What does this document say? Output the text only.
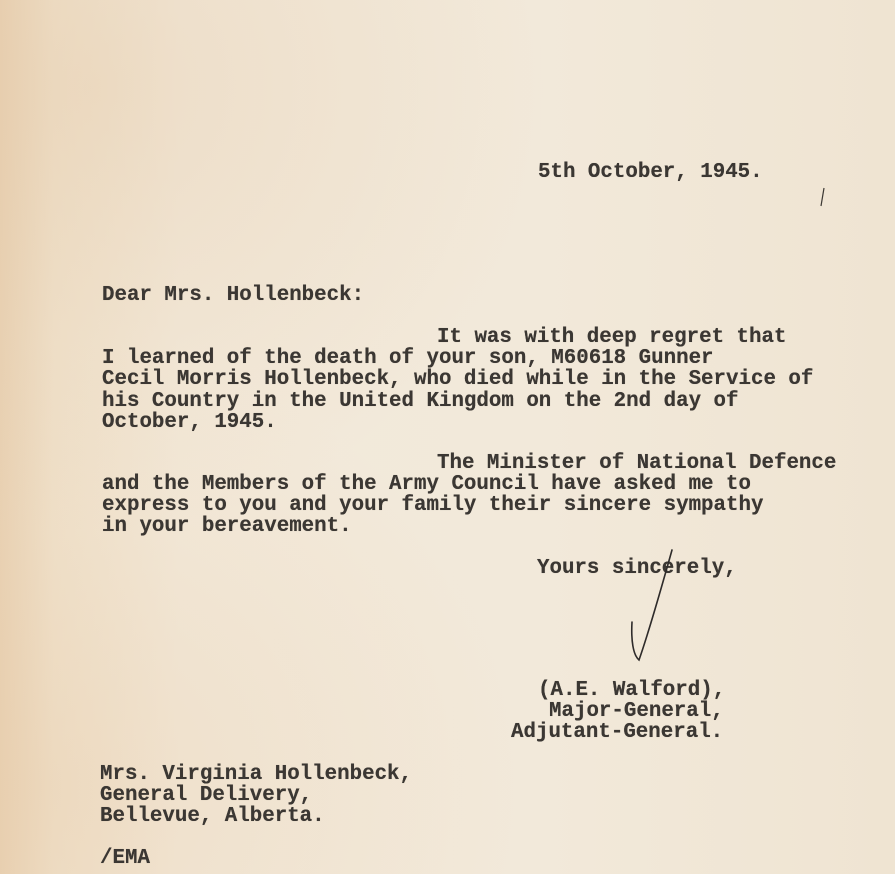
5th October, 1945.
Dear Mrs. Hollenbeck:
It was with deep regret that
I learned of the death of your son, M60618 Gunner
Cecil Morris Hollenbeck, who died while in the Service of
his Country in the United Kingdom on the 2nd day of
October, 1945.
The Minister of National Defence
and the Members of the Army Council have asked me to
express to you and your family their sincere sympathy
in your bereavement.
Yours sincerely,
(A.E. Walford),
Major-General,
Adjutant-General.
Mrs. Virginia Hollenbeck,
General Delivery,
Bellevue, Alberta.
/EMA
